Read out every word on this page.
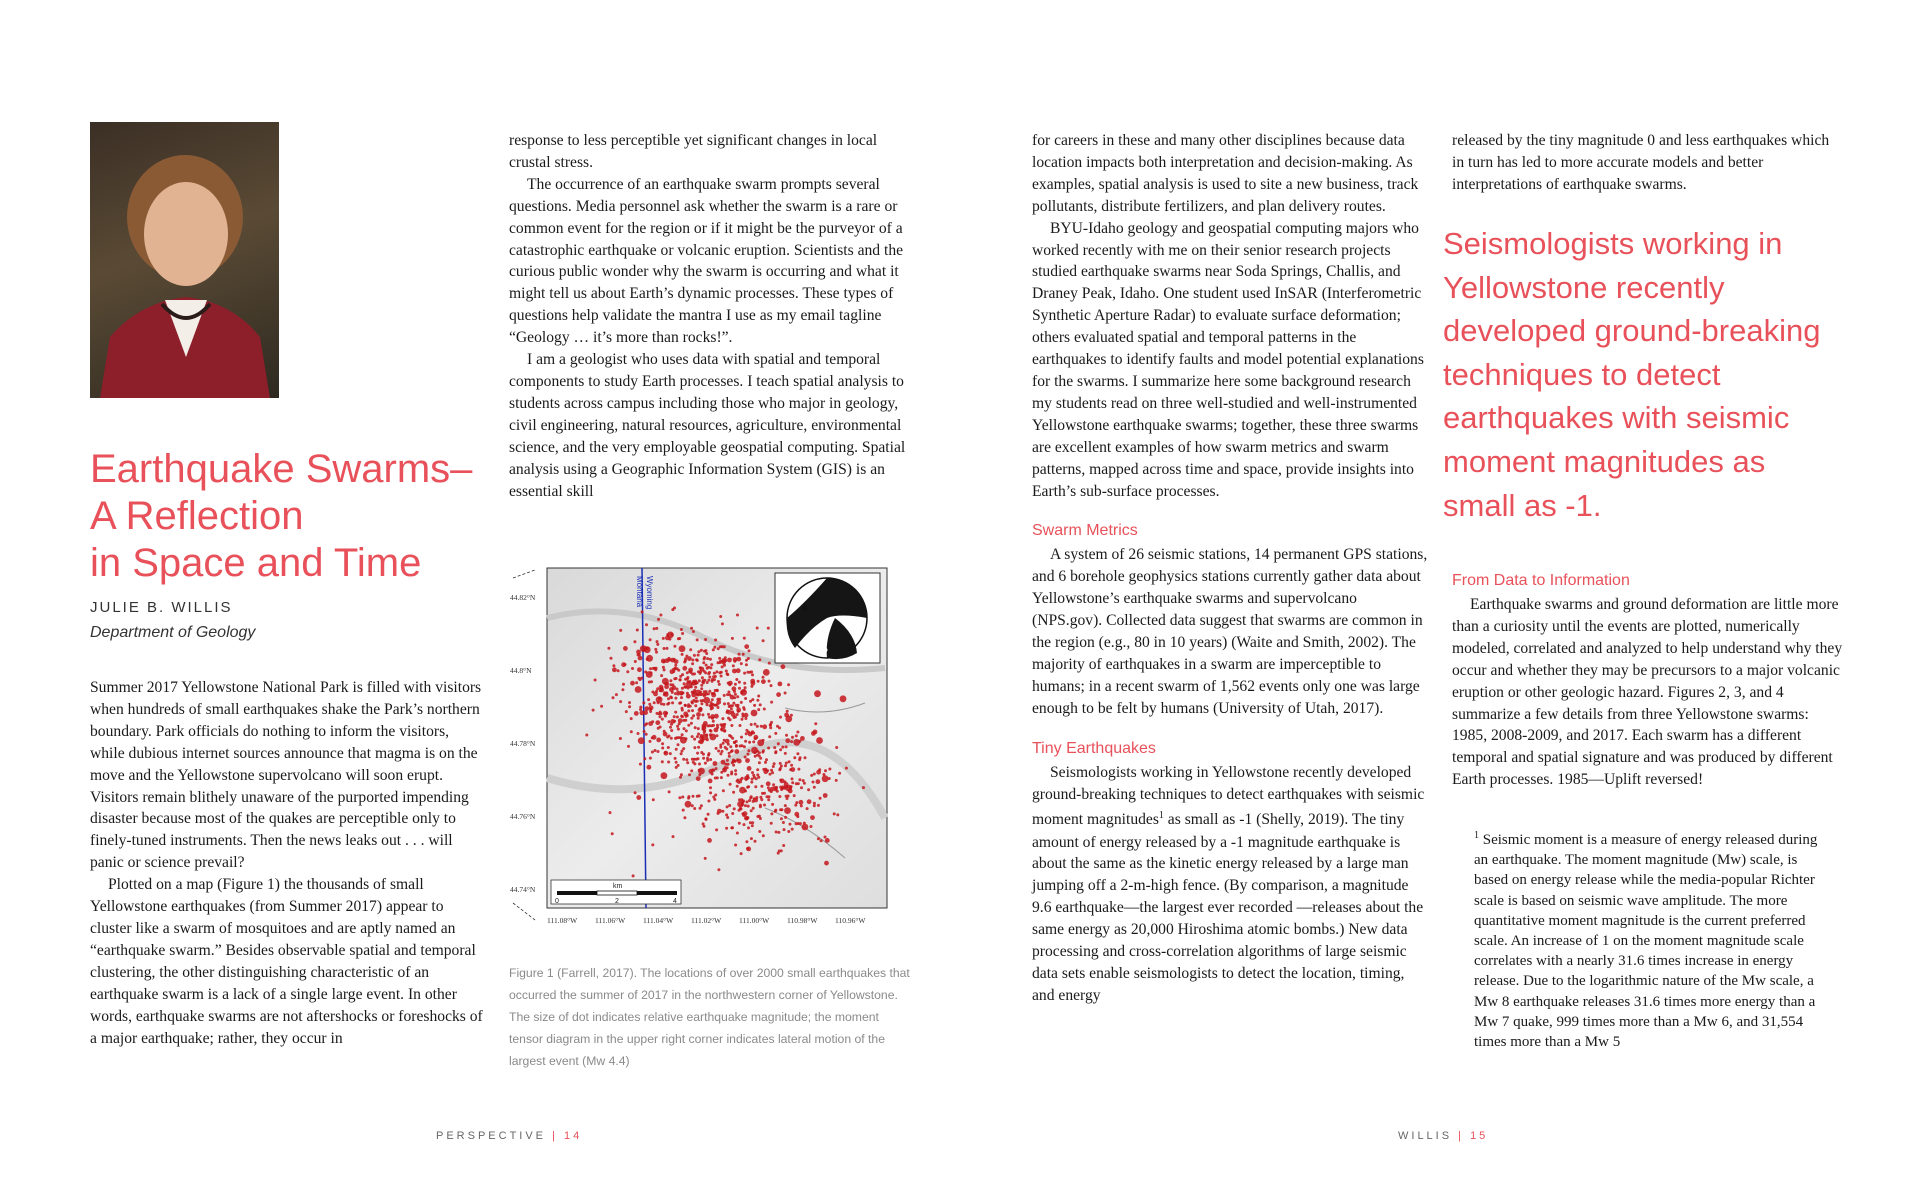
Earthquake Swarms–
A Reflection
in Space and Time
JULIE B. WILLIS
Department of Geology

Summer 2017 Yellowstone National Park is filled with visitors when hundreds of small earthquakes shake the Park’s northern boundary. Park officials do nothing to inform the visitors, while dubious internet sources announce that magma is on the move and the Yellowstone supervolcano will soon erupt. Visitors remain blithely unaware of the purported impending disaster because most of the quakes are perceptible only to finely-tuned instruments. Then the news leaks out . . . will panic or science prevail?

Plotted on a map (Figure 1) the thousands of small Yellowstone earthquakes (from Summer 2017) appear to cluster like a swarm of mosquitoes and are aptly named an “earthquake swarm.” Besides observable spatial and temporal clustering, the other distinguishing characteristic of an earthquake swarm is a lack of a single large event. In other words, earthquake swarms are not aftershocks or foreshocks of a major earthquake; rather, they occur in

response to less perceptible yet significant changes in local crustal stress.

The occurrence of an earthquake swarm prompts several questions. Media personnel ask whether the swarm is a rare or common event for the region or if it might be the purveyor of a catastrophic earthquake or volcanic eruption. Scientists and the curious public wonder why the swarm is occurring and what it might tell us about Earth’s dynamic processes. These types of questions help validate the mantra I use as my email tagline “Geology … it’s more than rocks!”.

I am a geologist who uses data with spatial and temporal components to study Earth processes. I teach spatial analysis to students across campus including those who major in geology, civil engineering, natural resources, agriculture, environmental science, and the very employable geospatial computing. Spatial analysis using a Geographic Information System (GIS) is an essential skill

Montana Wyoming
km
0	2	4
44.82°N
44.8°N
44.78°N
44.76°N
44.74°N
111.08°W 111.06°W 111.04°W 111.02°W 111.00°W 110.98°W 110.96°W
Figure 1 (Farrell, 2017). The locations of over 2000 small earthquakes that occurred the summer of 2017 in the northwestern corner of Yellowstone. The size of dot indicates relative earthquake magnitude; the moment tensor diagram in the upper right corner indicates lateral motion of the largest event (Mw 4.4)
PERSPECTIVE | 14

for careers in these and many other disciplines because data location impacts both interpretation and decision-making. As examples, spatial analysis is used to site a new business, track pollutants, distribute fertilizers, and plan delivery routes.

BYU-Idaho geology and geospatial computing majors who worked recently with me on their senior research projects studied earthquake swarms near Soda Springs, Challis, and Draney Peak, Idaho. One student used InSAR (Interferometric Synthetic Aperture Radar) to evaluate surface deformation; others evaluated spatial and temporal patterns in the earthquakes to identify faults and model potential explanations for the swarms. I summarize here some background research my students read on three well-studied and well-instrumented Yellowstone earthquake swarms; together, these three swarms are excellent examples of how swarm metrics and swarm patterns, mapped across time and space, provide insights into Earth’s sub-surface processes.

Swarm Metrics

A system of 26 seismic stations, 14 permanent GPS stations, and 6 borehole geophysics stations currently gather data about Yellowstone’s earthquake swarms and supervolcano (NPS.gov). Collected data suggest that swarms are common in the region (e.g., 80 in 10 years) (Waite and Smith, 2002). The majority of earthquakes in a swarm are imperceptible to humans; in a recent swarm of 1,562 events only one was large enough to be felt by humans (University of Utah, 2017).

Tiny Earthquakes

Seismologists working in Yellowstone recently developed ground-breaking techniques to detect earthquakes with seismic moment magnitudes$^1$ as small as -1 (Shelly, 2019). The tiny amount of energy released by a -1 magnitude earthquake is about the same as the kinetic energy released by a large man jumping off a 2-m-high fence. (By comparison, a magnitude 9.6 earthquake—the largest ever recorded —releases about the same energy as 20,000 Hiroshima atomic bombs.) New data processing and cross-correlation algorithms of large seismic data sets enable seismologists to detect the location, timing, and energy

released by the tiny magnitude 0 and less earthquakes which in turn has led to more accurate models and better interpretations of earthquake swarms.

Seismologists working in Yellowstone recently developed ground-breaking techniques to detect earthquakes with seismic moment magnitudes as small as -1.
From Data to Information

Earthquake swarms and ground deformation are little more than a curiosity until the events are plotted, numerically modeled, correlated and analyzed to help understand why they occur and whether they may be precursors to a major volcanic eruption or other geologic hazard. Figures 2, 3, and 4 summarize a few details from three Yellowstone swarms: 1985, 2008-2009, and 2017. Each swarm has a different temporal and spatial signature and was produced by different Earth processes. 1985—Uplift reversed!

$^1$ Seismic moment is a measure of energy released during an earthquake. The moment magnitude (Mw) scale, is based on energy release while the media-popular Richter scale is based on seismic wave amplitude. The more quantitative moment magnitude is the current preferred scale. An increase of 1 on the moment magnitude scale correlates with a nearly 31.6 times increase in energy release. Due to the logarithmic nature of the Mw scale, a Mw 8 earthquake releases 31.6 times more energy than a Mw 7 quake, 999 times more than a Mw 6, and 31,554 times more than a Mw 5
WILLIS | 15
